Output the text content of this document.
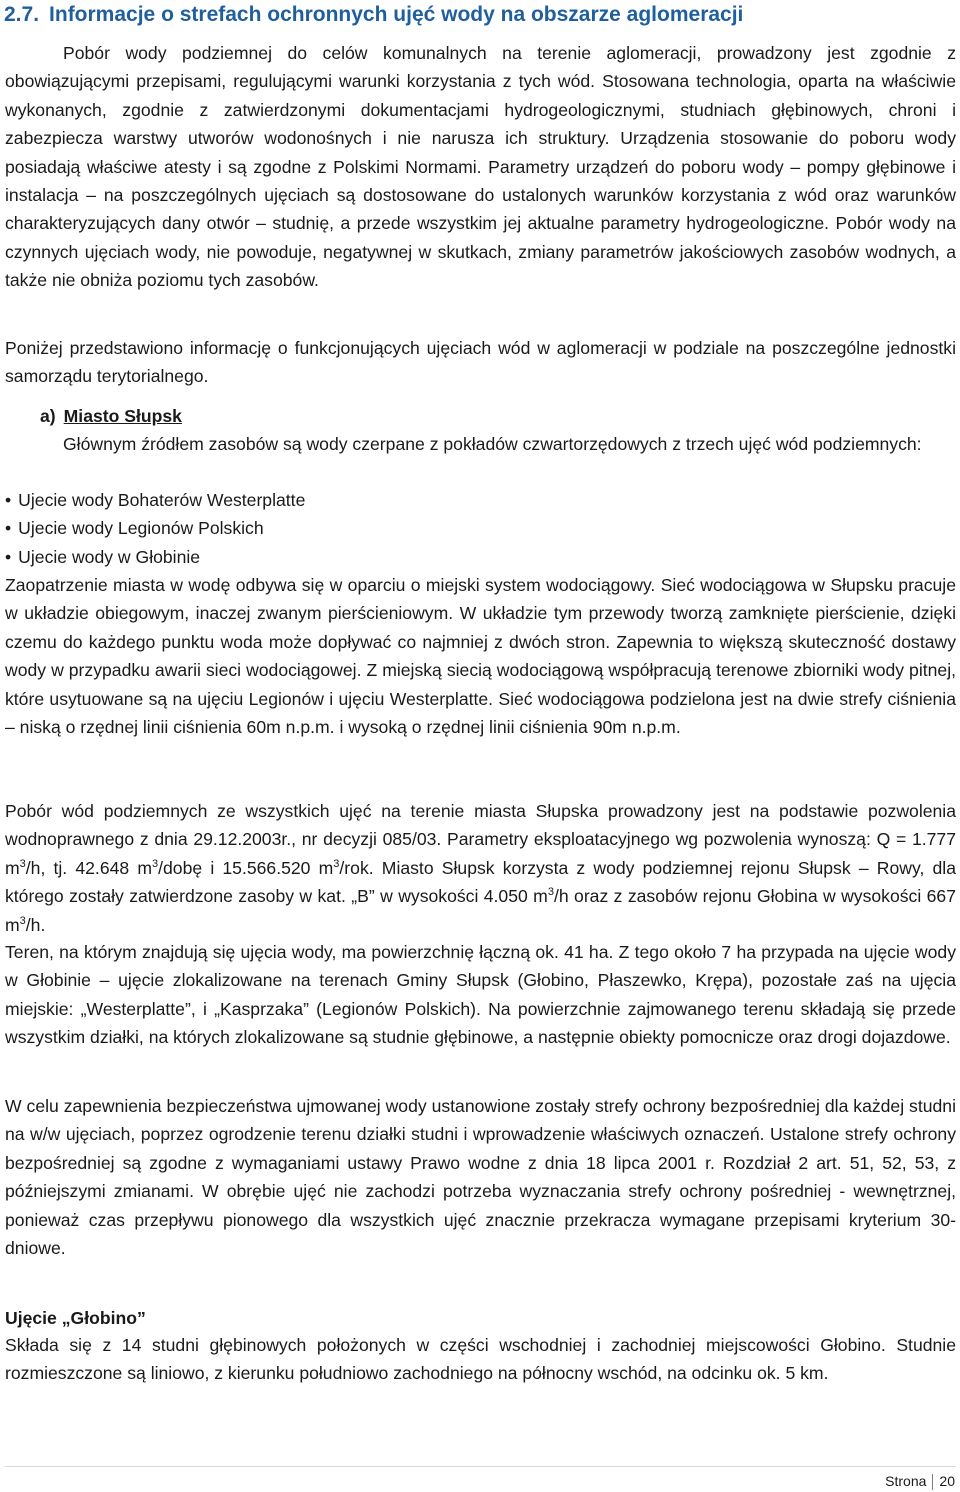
2.7. Informacje o strefach ochronnych ujęć wody na obszarze aglomeracji

Pobór wody podziemnej do celów komunalnych na terenie aglomeracji, prowadzony jest zgodnie z obowiązującymi przepisami, regulującymi warunki korzystania z tych wód. Stosowana technologia, oparta na właściwie wykonanych, zgodnie z zatwierdzonymi dokumentacjami hydrogeologicznymi, studniach głębinowych, chroni i zabezpiecza warstwy utworów wodonośnych i nie narusza ich struktury. Urządzenia stosowanie do poboru wody posiadają właściwe atesty i są zgodne z Polskimi Normami. Parametry urządzeń do poboru wody – pompy głębinowe i instalacja – na poszczególnych ujęciach są dostosowane do ustalonych warunków korzystania z wód oraz warunków charakteryzujących dany otwór – studnię, a przede wszystkim jej aktualne parametry hydrogeologiczne. Pobór wody na czynnych ujęciach wody, nie powoduje, negatywnej w skutkach, zmiany parametrów jakościowych zasobów wodnych, a także nie obniża poziomu tych zasobów.

Poniżej przedstawiono informację o funkcjonujących ujęciach wód w aglomeracji w podziale na poszczególne jednostki samorządu terytorialnego.

a) Miasto Słupsk

Głównym źródłem zasobów są wody czerpane z pokładów czwartorzędowych z trzech ujęć wód podziemnych:

• Ujecie wody Bohaterów Westerplatte
• Ujecie wody Legionów Polskich
• Ujecie wody w Głobinie

Zaopatrzenie miasta w wodę odbywa się w oparciu o miejski system wodociągowy. Sieć wodociągowa w Słupsku pracuje w układzie obiegowym, inaczej zwanym pierścieniowym. W układzie tym przewody tworzą zamknięte pierścienie, dzięki czemu do każdego punktu woda może dopływać co najmniej z dwóch stron. Zapewnia to większą skuteczność dostawy wody w przypadku awarii sieci wodociągowej. Z miejską siecią wodociągową współpracują terenowe zbiorniki wody pitnej, które usytuowane są na ujęciu Legionów i ujęciu Westerplatte. Sieć wodociągowa podzielona jest na dwie strefy ciśnienia – niską o rzędnej linii ciśnienia 60m n.p.m. i wysoką o rzędnej linii ciśnienia 90m n.p.m.

Pobór wód podziemnych ze wszystkich ujęć na terenie miasta Słupska prowadzony jest na podstawie pozwolenia wodnoprawnego z dnia 29.12.2003r., nr decyzji 085/03. Parametry eksploatacyjnego wg pozwolenia wynoszą: Q = 1.777 $m^3/h$, tj. 42.648 $m^3$/dobę i 15.566.520 $m^3$/rok. Miasto Słupsk korzysta z wody podziemnej rejonu Słupsk – Rowy, dla którego zostały zatwierdzone zasoby w kat. „B” w wysokości 4.050 $m^3/h$ oraz z zasobów rejonu Głobina w wysokości 667 $m^3/h$.

Teren, na którym znajdują się ujęcia wody, ma powierzchnię łączną ok. 41 ha. Z tego około 7 ha przypada na ujęcie wody w Głobinie – ujęcie zlokalizowane na terenach Gminy Słupsk (Głobino, Płaszewko, Krępa), pozostałe zaś na ujęcia miejskie: „Westerplatte”, i „Kasprzaka” (Legionów Polskich). Na powierzchnie zajmowanego terenu składają się przede wszystkim działki, na których zlokalizowane są studnie głębinowe, a następnie obiekty pomocnicze oraz drogi dojazdowe.

W celu zapewnienia bezpieczeństwa ujmowanej wody ustanowione zostały strefy ochrony bezpośredniej dla każdej studni na w/w ujęciach, poprzez ogrodzenie terenu działki studni i wprowadzenie właściwych oznaczeń. Ustalone strefy ochrony bezpośredniej są zgodne z wymaganiami ustawy Prawo wodne z dnia 18 lipca 2001 r. Rozdział 2 art. 51, 52, 53, z późniejszymi zmianami. W obrębie ujęć nie zachodzi potrzeba wyznaczania strefy ochrony pośredniej - wewnętrznej, ponieważ czas przepływu pionowego dla wszystkich ujęć znacznie przekracza wymagane przepisami kryterium 30-dniowe.

Ujęcie „Głobino”

Składa się z 14 studni głębinowych położonych w części wschodniej i zachodniej miejscowości Głobino. Studnie rozmieszczone są liniowo, z kierunku południowo zachodniego na północny wschód, na odcinku ok. 5 km.

Strona 20
